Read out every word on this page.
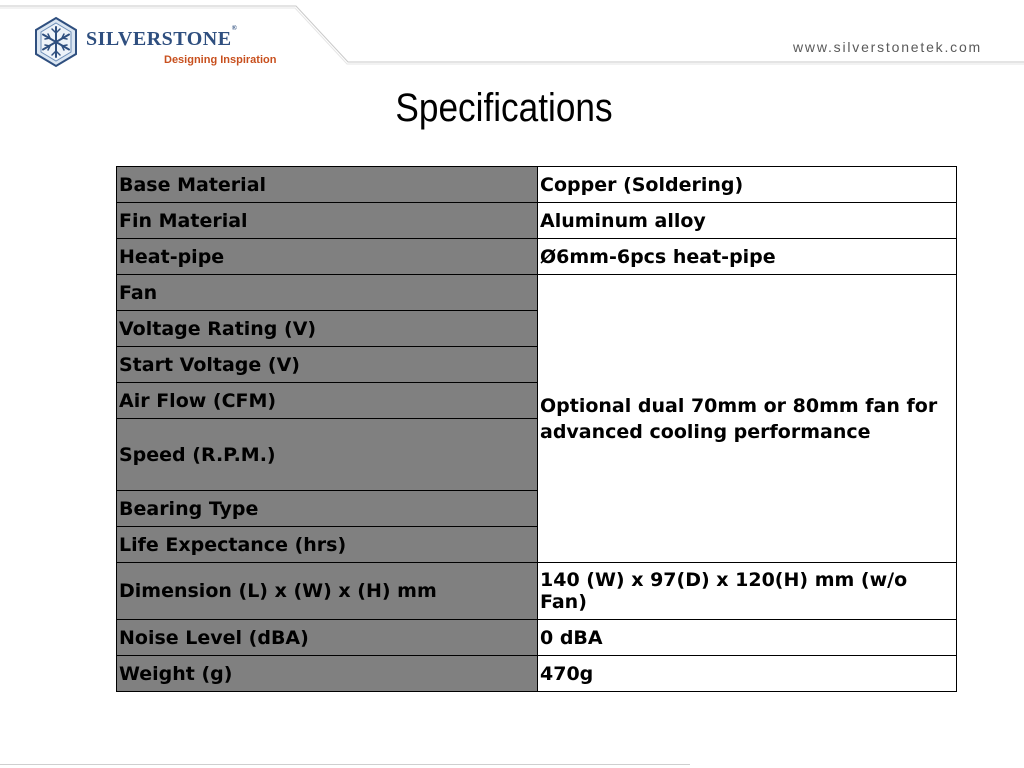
SILVERSTONE®
Designing Inspiration
www.silverstonetek.com
Specifications
Base Material	Copper (Soldering)
Fin Material	Aluminum alloy
Heat-pipe	Ø6mm-6pcs heat-pipe
Fan	Optional dual 70mm or 80mm fan for advanced cooling performance
Voltage Rating (V)	
Start Voltage (V)	
Air Flow (CFM)	
Speed (R.P.M.)	
Bearing Type	
Life Expectance (hrs)	
Dimension (L) x (W) x (H) mm	140 (W) x 97(D) x 120(H) mm (w/o Fan)
Noise Level (dBA)	0 dBA
Weight (g)	470g
